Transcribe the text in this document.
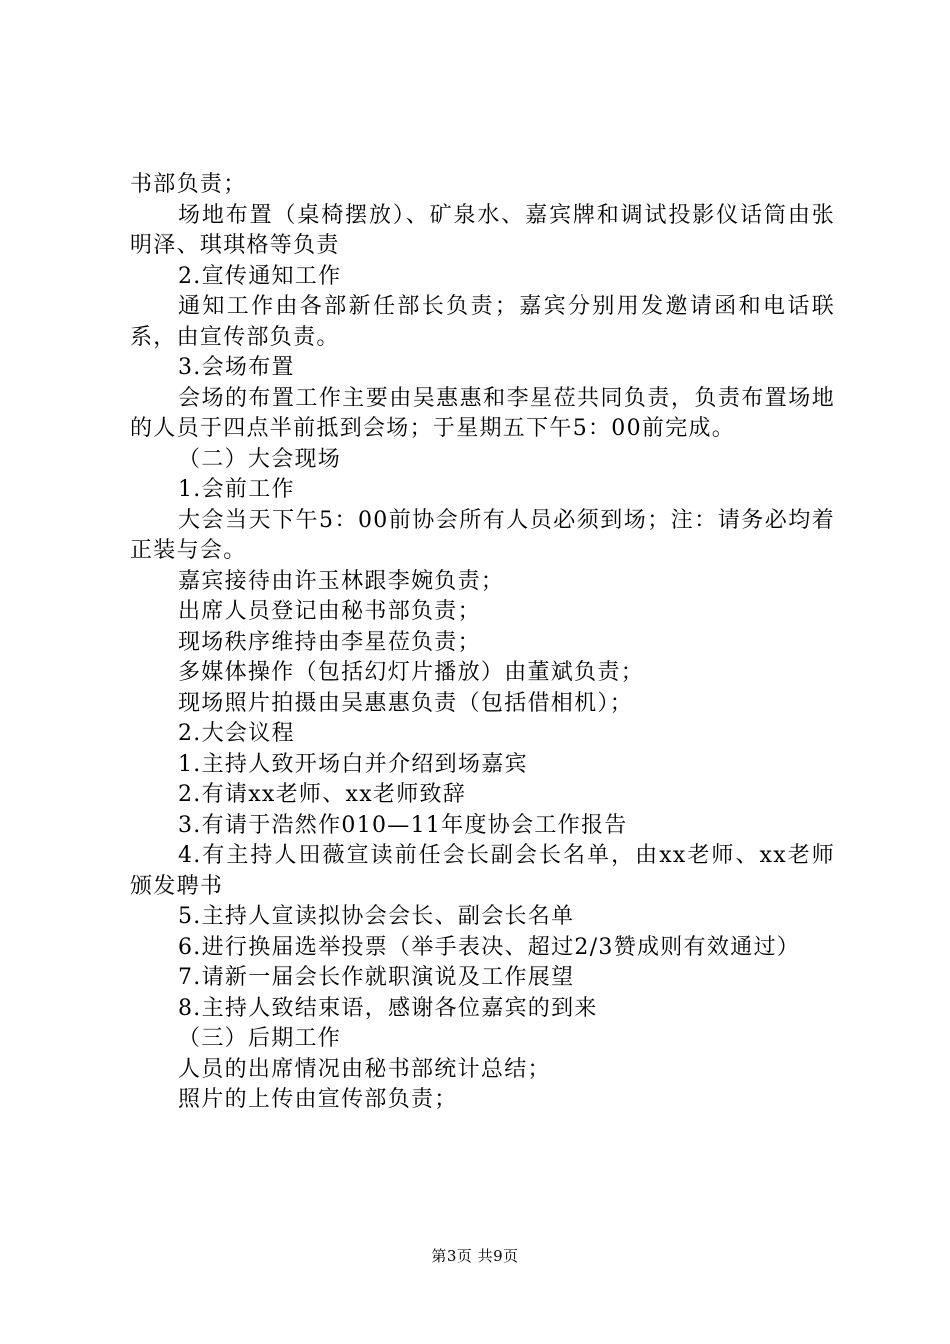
书部负责；

场地布置（桌椅摆放）、矿泉水、嘉宾牌和调试投影仪话筒由张明泽、琪琪格等负责

2.宣传通知工作

通知工作由各部新任部长负责；嘉宾分别用发邀请函和电话联系，由宣传部负责。

3.会场布置

会场的布置工作主要由吴惠惠和李星莅共同负责，负责布置场地的人员于四点半前抵到会场；于星期五下午5：00前完成。

（二）大会现场

1.会前工作

大会当天下午5：00前协会所有人员必须到场；注：请务必均着正装与会。

嘉宾接待由许玉林跟李婉负责；

出席人员登记由秘书部负责；

现场秩序维持由李星莅负责；

多媒体操作（包括幻灯片播放）由董斌负责；

现场照片拍摄由吴惠惠负责（包括借相机）；

2.大会议程

1.主持人致开场白并介绍到场嘉宾

2.有请xx老师、xx老师致辞

3.有请于浩然作010—11年度协会工作报告

4.有主持人田薇宣读前任会长副会长名单，由xx老师、xx老师颁发聘书

5.主持人宣读拟协会会长、副会长名单

6.进行换届选举投票（举手表决、超过2/3赞成则有效通过）

7.请新一届会长作就职演说及工作展望

8.主持人致结束语，感谢各位嘉宾的到来

（三）后期工作

人员的出席情况由秘书部统计总结；

照片的上传由宣传部负责；

第3页 共9页
